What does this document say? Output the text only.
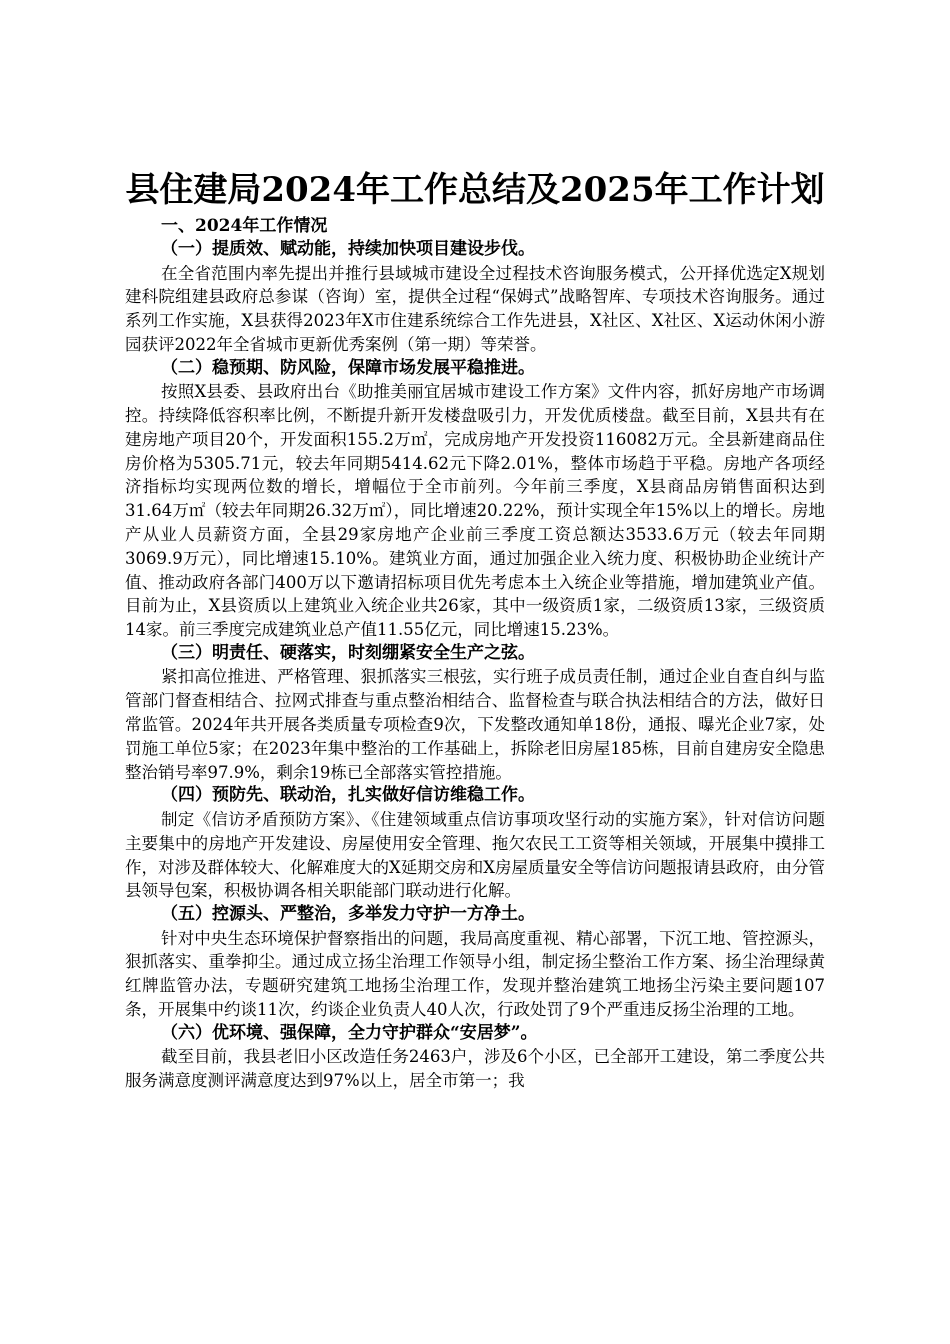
县住建局2024年工作总结及2025年工作计划
一、2024年工作情况
（一）提质效、赋动能，持续加快项目建设步伐。

在全省范围内率先提出并推行县域城市建设全过程技术咨询服务模式，公开择优选定X规划建科院组建县政府总参谋（咨询）室，提供全过程“保姆式”战略智库、专项技术咨询服务。通过系列工作实施，X县获得2023年X市住建系统综合工作先进县，X社区、X社区、X运动休闲小游园获评2022年全省城市更新优秀案例（第一期）等荣誉。

（二）稳预期、防风险，保障市场发展平稳推进。

按照X县委、县政府出台《助推美丽宜居城市建设工作方案》文件内容，抓好房地产市场调控。持续降低容积率比例，不断提升新开发楼盘吸引力，开发优质楼盘。截至目前，X县共有在建房地产项目20个，开发面积155.2万㎡，完成房地产开发投资116082万元。全县新建商品住房价格为5305.71元，较去年同期5414.62元下降2.01%，整体市场趋于平稳。房地产各项经济指标均实现两位数的增长，增幅位于全市前列。今年前三季度，X县商品房销售面积达到31.64万㎡（较去年同期26.32万㎡），同比增速20.22%，预计实现全年15%以上的增长。房地产从业人员薪资方面，全县29家房地产企业前三季度工资总额达3533.6万元（较去年同期3069.9万元），同比增速15.10%。建筑业方面，通过加强企业入统力度、积极协助企业统计产值、推动政府各部门400万以下邀请招标项目优先考虑本土入统企业等措施，增加建筑业产值。目前为止，X县资质以上建筑业入统企业共26家，其中一级资质1家，二级资质13家，三级资质14家。前三季度完成建筑业总产值11.55亿元，同比增速15.23%。

（三）明责任、硬落实，时刻绷紧安全生产之弦。

紧扣高位推进、严格管理、狠抓落实三根弦，实行班子成员责任制，通过企业自查自纠与监管部门督查相结合、拉网式排查与重点整治相结合、监督检查与联合执法相结合的方法，做好日常监管。2024年共开展各类质量专项检查9次，下发整改通知单18份，通报、曝光企业7家，处罚施工单位5家；在2023年集中整治的工作基础上，拆除老旧房屋185栋，目前自建房安全隐患整治销号率97.9%，剩余19栋已全部落实管控措施。

（四）预防先、联动治，扎实做好信访维稳工作。

制定《信访矛盾预防方案》、《住建领域重点信访事项攻坚行动的实施方案》，针对信访问题主要集中的房地产开发建设、房屋使用安全管理、拖欠农民工工资等相关领域，开展集中摸排工作，对涉及群体较大、化解难度大的X延期交房和X房屋质量安全等信访问题报请县政府，由分管县领导包案，积极协调各相关职能部门联动进行化解。

（五）控源头、严整治，多举发力守护一方净土。

针对中央生态环境保护督察指出的问题，我局高度重视、精心部署，下沉工地、管控源头，狠抓落实、重拳抑尘。通过成立扬尘治理工作领导小组，制定扬尘整治工作方案、扬尘治理绿黄红牌监管办法，专题研究建筑工地扬尘治理工作，发现并整治建筑工地扬尘污染主要问题107条，开展集中约谈11次，约谈企业负责人40人次，行政处罚了9个严重违反扬尘治理的工地。

（六）优环境、强保障，全力守护群众“安居梦”。

截至目前，我县老旧小区改造任务2463户，涉及6个小区，已全部开工建设，第二季度公共服务满意度测评满意度达到97%以上，居全市第一；我
